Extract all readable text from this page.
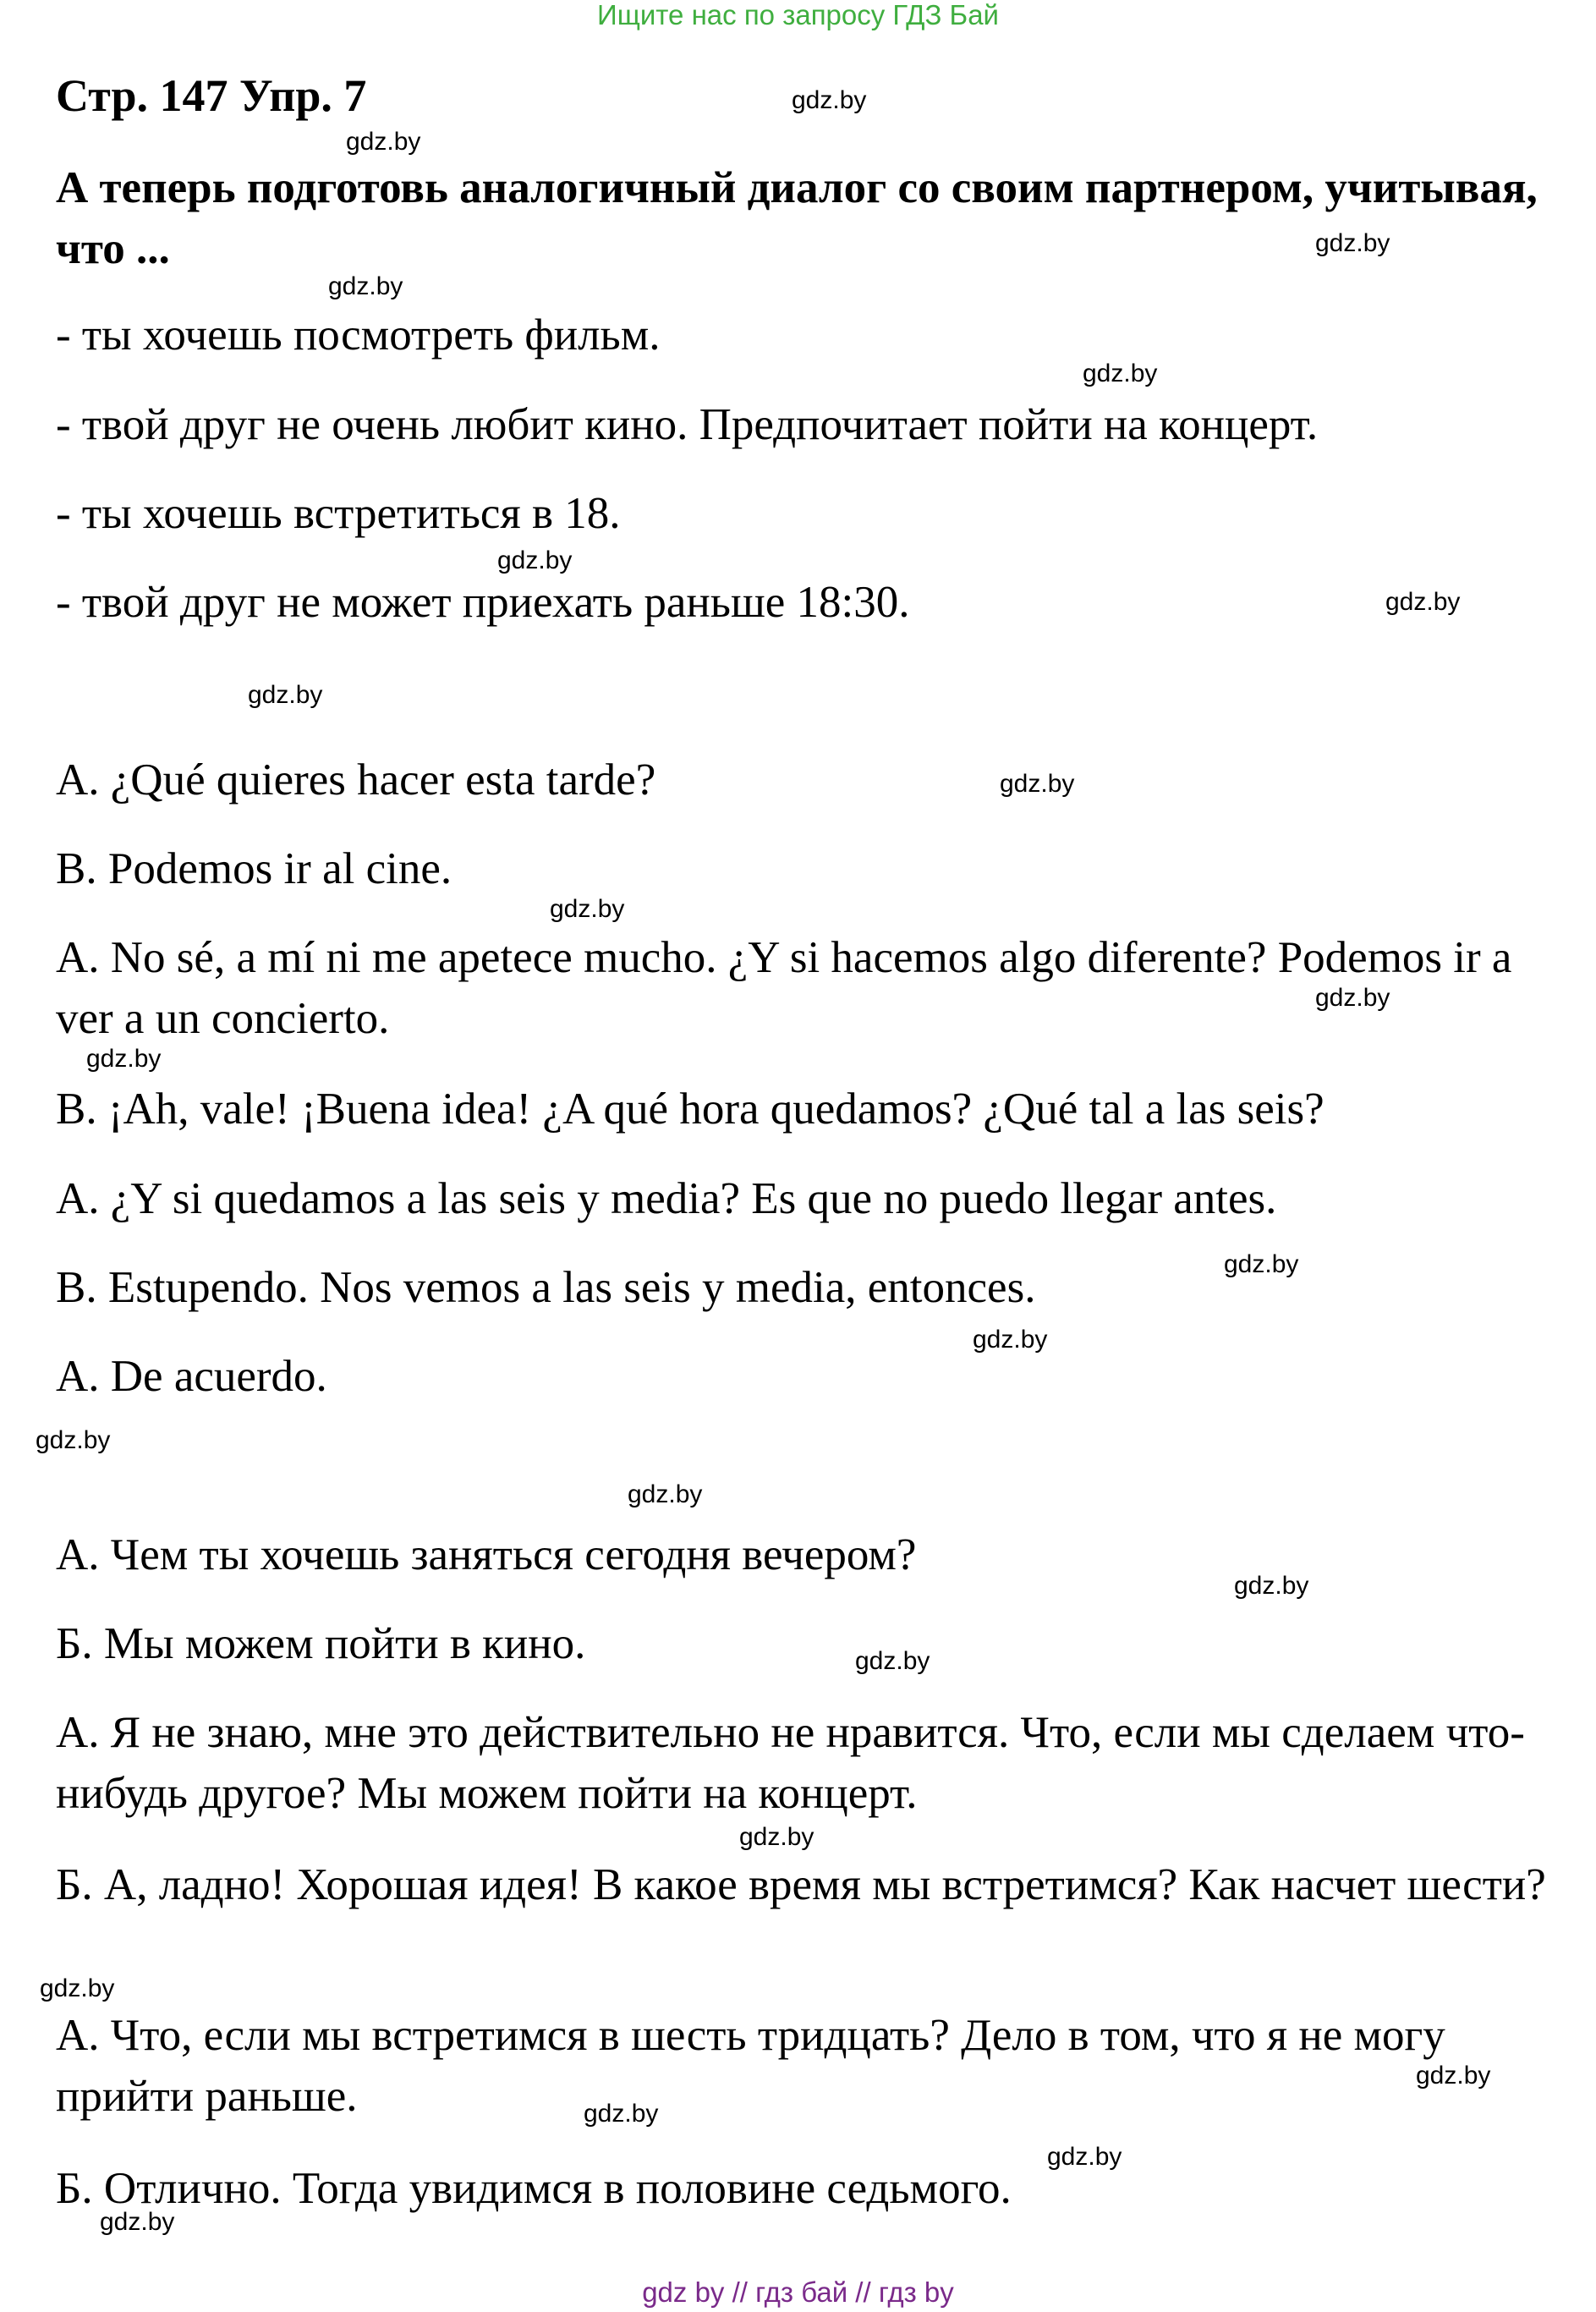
Ищите нас по запросу ГДЗ Бай
Стр. 147 Упр. 7
А теперь подготовь аналогичный диалог со своим партнером, учитывая, что ...
- ты хочешь посмотреть фильм.
- твой друг не очень любит кино. Предпочитает пойти на концерт.
- ты хочешь встретиться в 18.
- твой друг не может приехать раньше 18:30.
A. ¿Qué quieres hacer esta tarde?
B. Podemos ir al cine.
A. No sé, a mí ni me apetece mucho. ¿Y si hacemos algo diferente? Podemos ir a ver a un concierto.
B. ¡Ah, vale! ¡Buena idea! ¿A qué hora quedamos? ¿Qué tal a las seis?
A. ¿Y si quedamos a las seis y media? Es que no puedo llegar antes.
B. Estupendo. Nos vemos a las seis y media, entonces.
A. De acuerdo.
А. Чем ты хочешь заняться сегодня вечером?
Б. Мы можем пойти в кино.
А. Я не знаю, мне это действительно не нравится. Что, если мы сделаем что-нибудь другое? Мы можем пойти на концерт.
Б. А, ладно! Хорошая идея! В какое время мы встретимся? Как насчет шести?
А. Что, если мы встретимся в шесть тридцать? Дело в том, что я не могу прийти раньше.
Б. Отлично. Тогда увидимся в половине седьмого.
gdz.by
gdz.by
gdz.by
gdz.by
gdz.by
gdz.by
gdz.by
gdz.by
gdz.by
gdz.by
gdz.by
gdz.by
gdz.by
gdz.by
gdz.by
gdz.by
gdz.by
gdz.by
gdz.by
gdz.by
gdz.by
gdz.by
gdz.by
gdz.by
gdz by // гдз бай // гдз by
